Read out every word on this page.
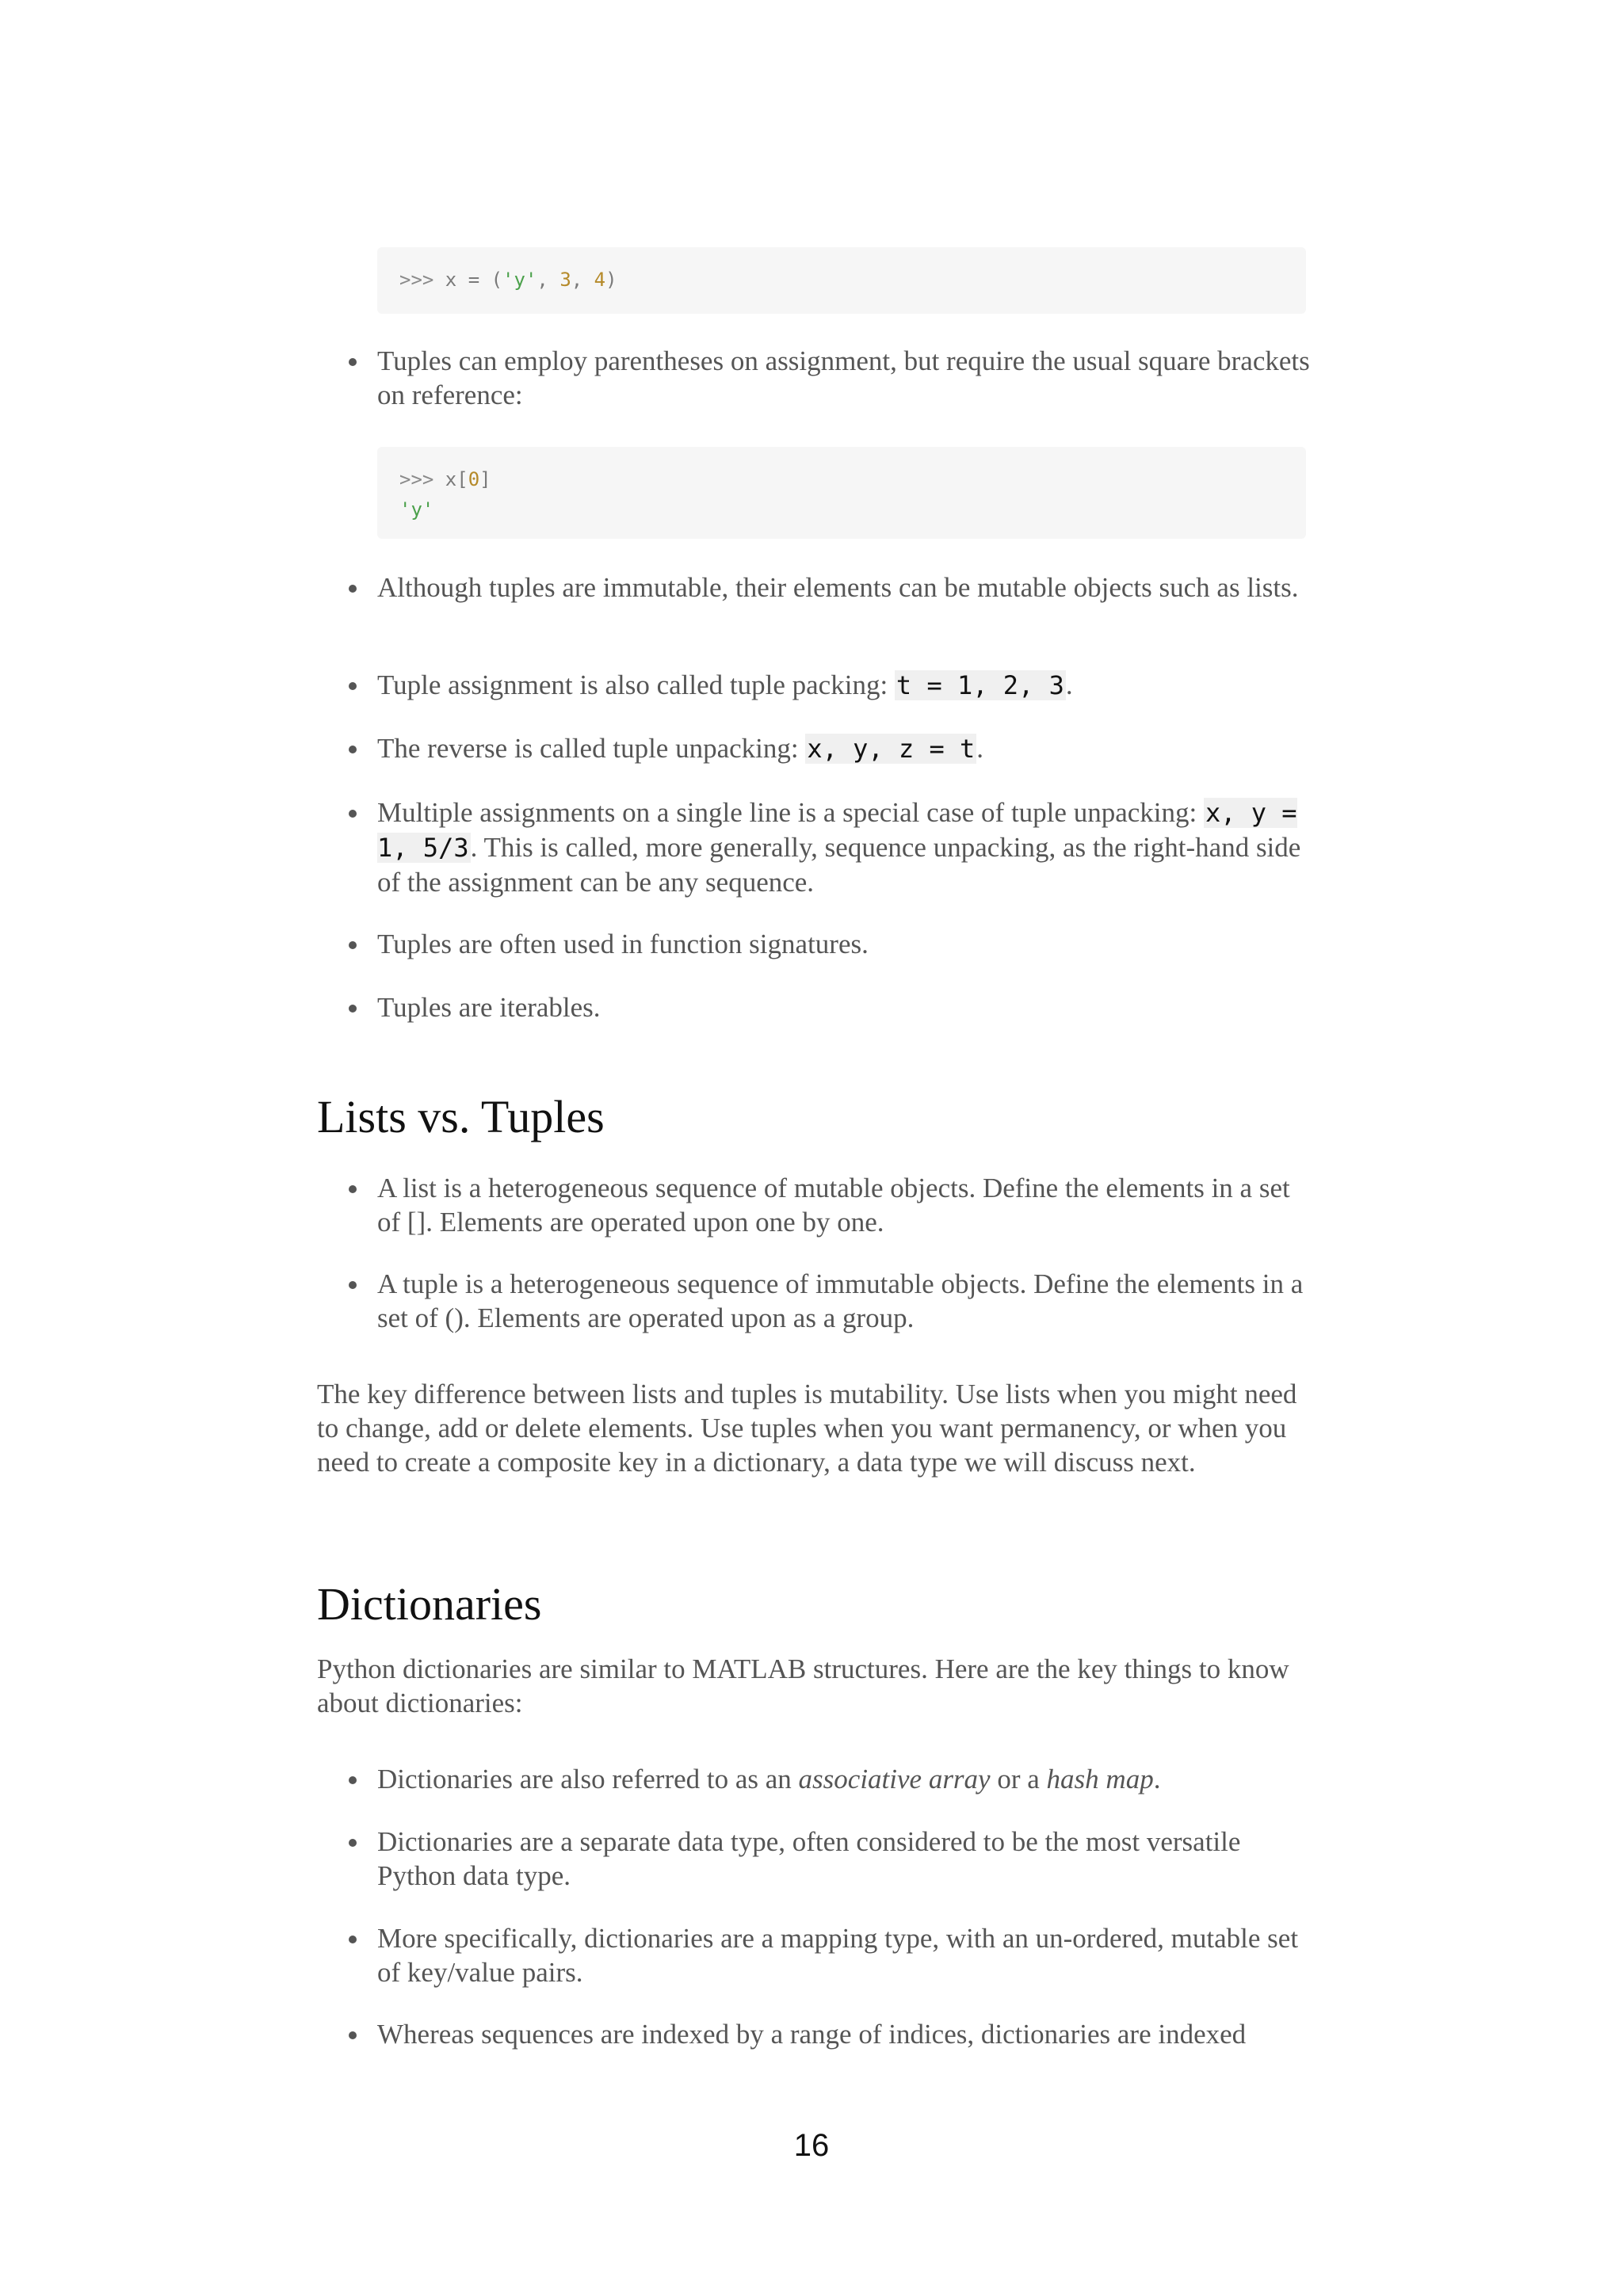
>>> x = ('y', 3, 4)
Tuples can employ parentheses on assignment, but require the usual square brackets on reference:
>>> x[0]
'y'
Although tuples are immutable, their elements can be mutable objects such as lists.
Tuple assignment is also called tuple packing: t = 1, 2, 3.
The reverse is called tuple unpacking: x, y, z = t.
Multiple assignments on a single line is a special case of tuple unpacking: x, y = 1, 5/3. This is called, more generally, sequence unpacking, as the right-hand side of the assignment can be any sequence.
Tuples are often used in function signatures.
Tuples are iterables.
Lists vs. Tuples
A list is a heterogeneous sequence of mutable objects. Define the elements in a set of []. Elements are operated upon one by one.
A tuple is a heterogeneous sequence of immutable objects. Define the elements in a set of (). Elements are operated upon as a group.

The key difference between lists and tuples is mutability. Use lists when you might need to change, add or delete elements. Use tuples when you want permanency, or when you need to create a composite key in a dictionary, a data type we will discuss next.

Dictionaries

Python dictionaries are similar to MATLAB structures. Here are the key things to know about dictionaries:

Dictionaries are also referred to as an associative array or a hash map.
Dictionaries are a separate data type, often considered to be the most versatile Python data type.
More specifically, dictionaries are a mapping type, with an un-ordered, mutable set of key/value pairs.
Whereas sequences are indexed by a range of indices, dictionaries are indexed
16
